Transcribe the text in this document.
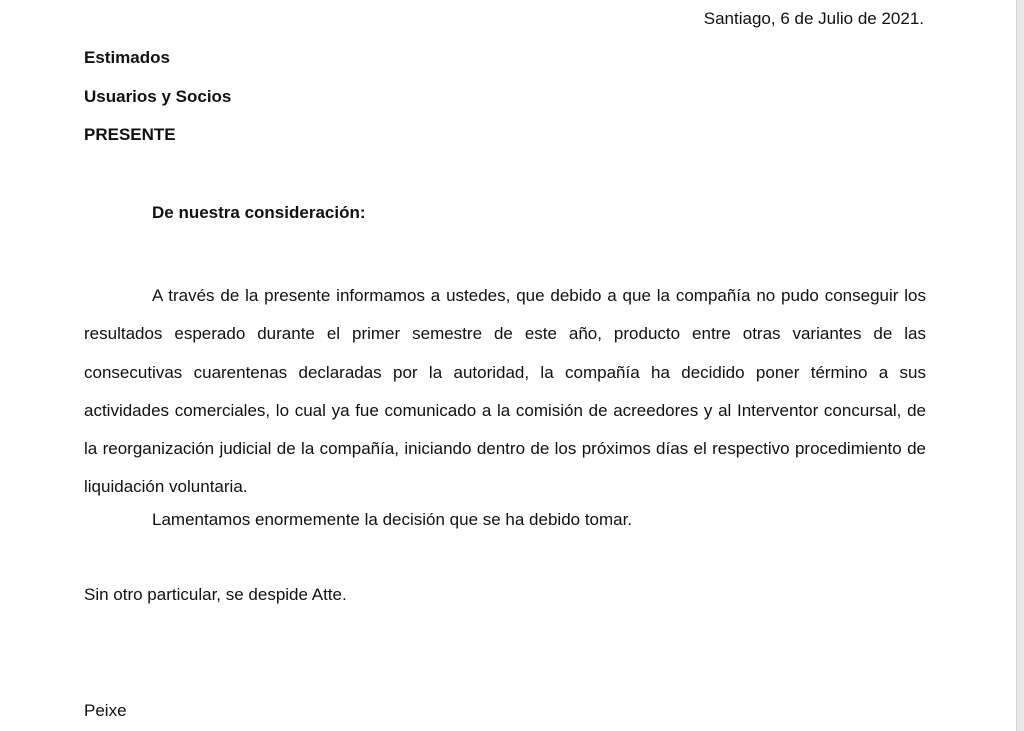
Santiago, 6 de Julio de 2021.
Estimados
Usuarios y Socios
PRESENTE
De nuestra consideración:

A través de la presente informamos a ustedes, que debido a que la compañía no pudo conseguir los resultados esperado durante el primer semestre de este año, producto entre otras variantes de las consecutivas cuarentenas declaradas por la autoridad, la compañía ha decidido poner término a sus actividades comerciales, lo cual ya fue comunicado a la comisión de acreedores y al Interventor concursal, de la reorganización judicial de la compañía, iniciando dentro de los próximos días el respectivo procedimiento de liquidación voluntaria.

Lamentamos enormemente la decisión que se ha debido tomar.
Sin otro particular, se despide Atte.
Peixe
